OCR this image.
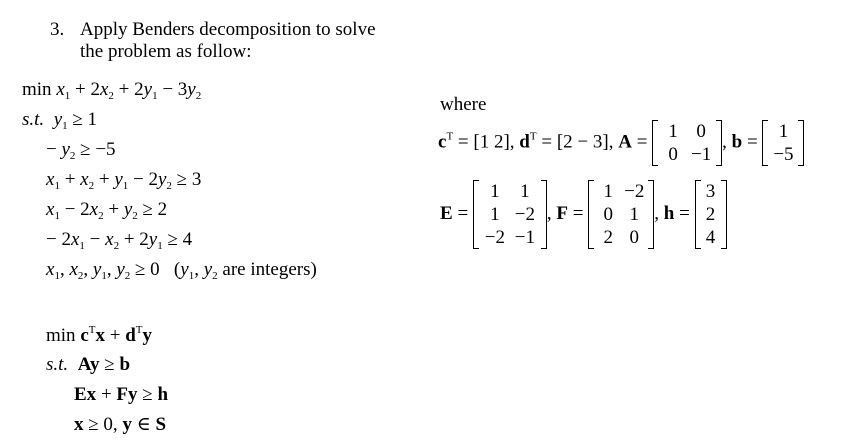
3. Apply Benders decomposition to solve
the problem as follow:
$\min x_1 + 2x_2 + 2y_1 - 3y_2$
s.t. $y_1 \ge 1$
− $y_2 \ge -5$
$x_1 + x_2 + y_1 - 2y_2 \ge 3$
$x_1 - 2x_2 + y_2 \ge 2$
− $2x_1 - x_2 + 2y_1 \ge 4$
$x_1$, $x_2$, $y_1$, $y_2 \ge 0$   ($y_1$, $y_2$ are integers)
where
$c^T = [1$ 2], $d^T = [2 - 3]$, A = 1 0
0 −1
, b = 1
−5
E =
1	1
1 −2
−2 −1
, F =
1 −2
0 1
2 0
, h =
3
2
4
$\min c^Tx + d^Ty$
s.t. Ay ≥ b
Ex + Fy ≥ h
x ≥ 0, y ∈ S
